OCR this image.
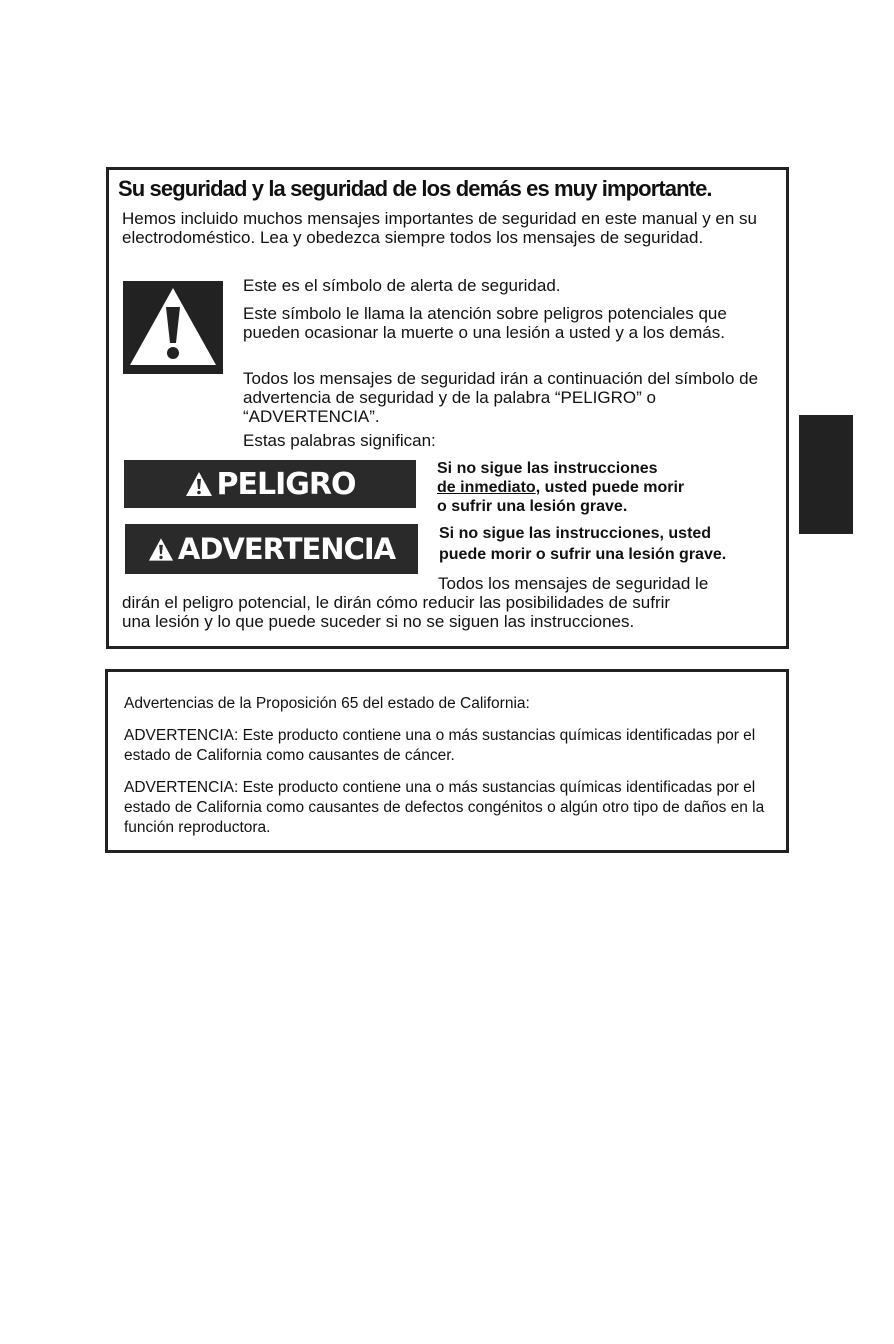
Su seguridad y la seguridad de los demás es muy importante.

Hemos incluido muchos mensajes importantes de seguridad en este manual y en su electrodoméstico. Lea y obedezca siempre todos los mensajes de seguridad.

Este es el símbolo de alerta de seguridad.

Este símbolo le llama la atención sobre peligros potenciales que pueden ocasionar la muerte o una lesión a usted y a los demás.

Todos los mensajes de seguridad irán a continuación del símbolo de advertencia de seguridad y de la palabra “PELIGRO” o “ADVERTENCIA”.

Estas palabras significan:

PELIGRO	Si no sigue las instrucciones
de inmediato, usted puede morir
o sufrir una lesión grave.

ADVERTENCIA	Si no sigue las instrucciones, usted
puede morir o sufrir una lesión grave.

Todos los mensajes de seguridad le

dirán el peligro potencial, le dirán cómo reducir las posibilidades de sufrir

una lesión y lo que puede suceder si no se siguen las instrucciones.

Advertencias de la Proposición 65 del estado de California:

ADVERTENCIA: Este producto contiene una o más sustancias químicas identificadas por el estado de California como causantes de cáncer.

ADVERTENCIA: Este producto contiene una o más sustancias químicas identificadas por el estado de California como causantes de defectos congénitos o algún otro tipo de daños en la función reproductora.
